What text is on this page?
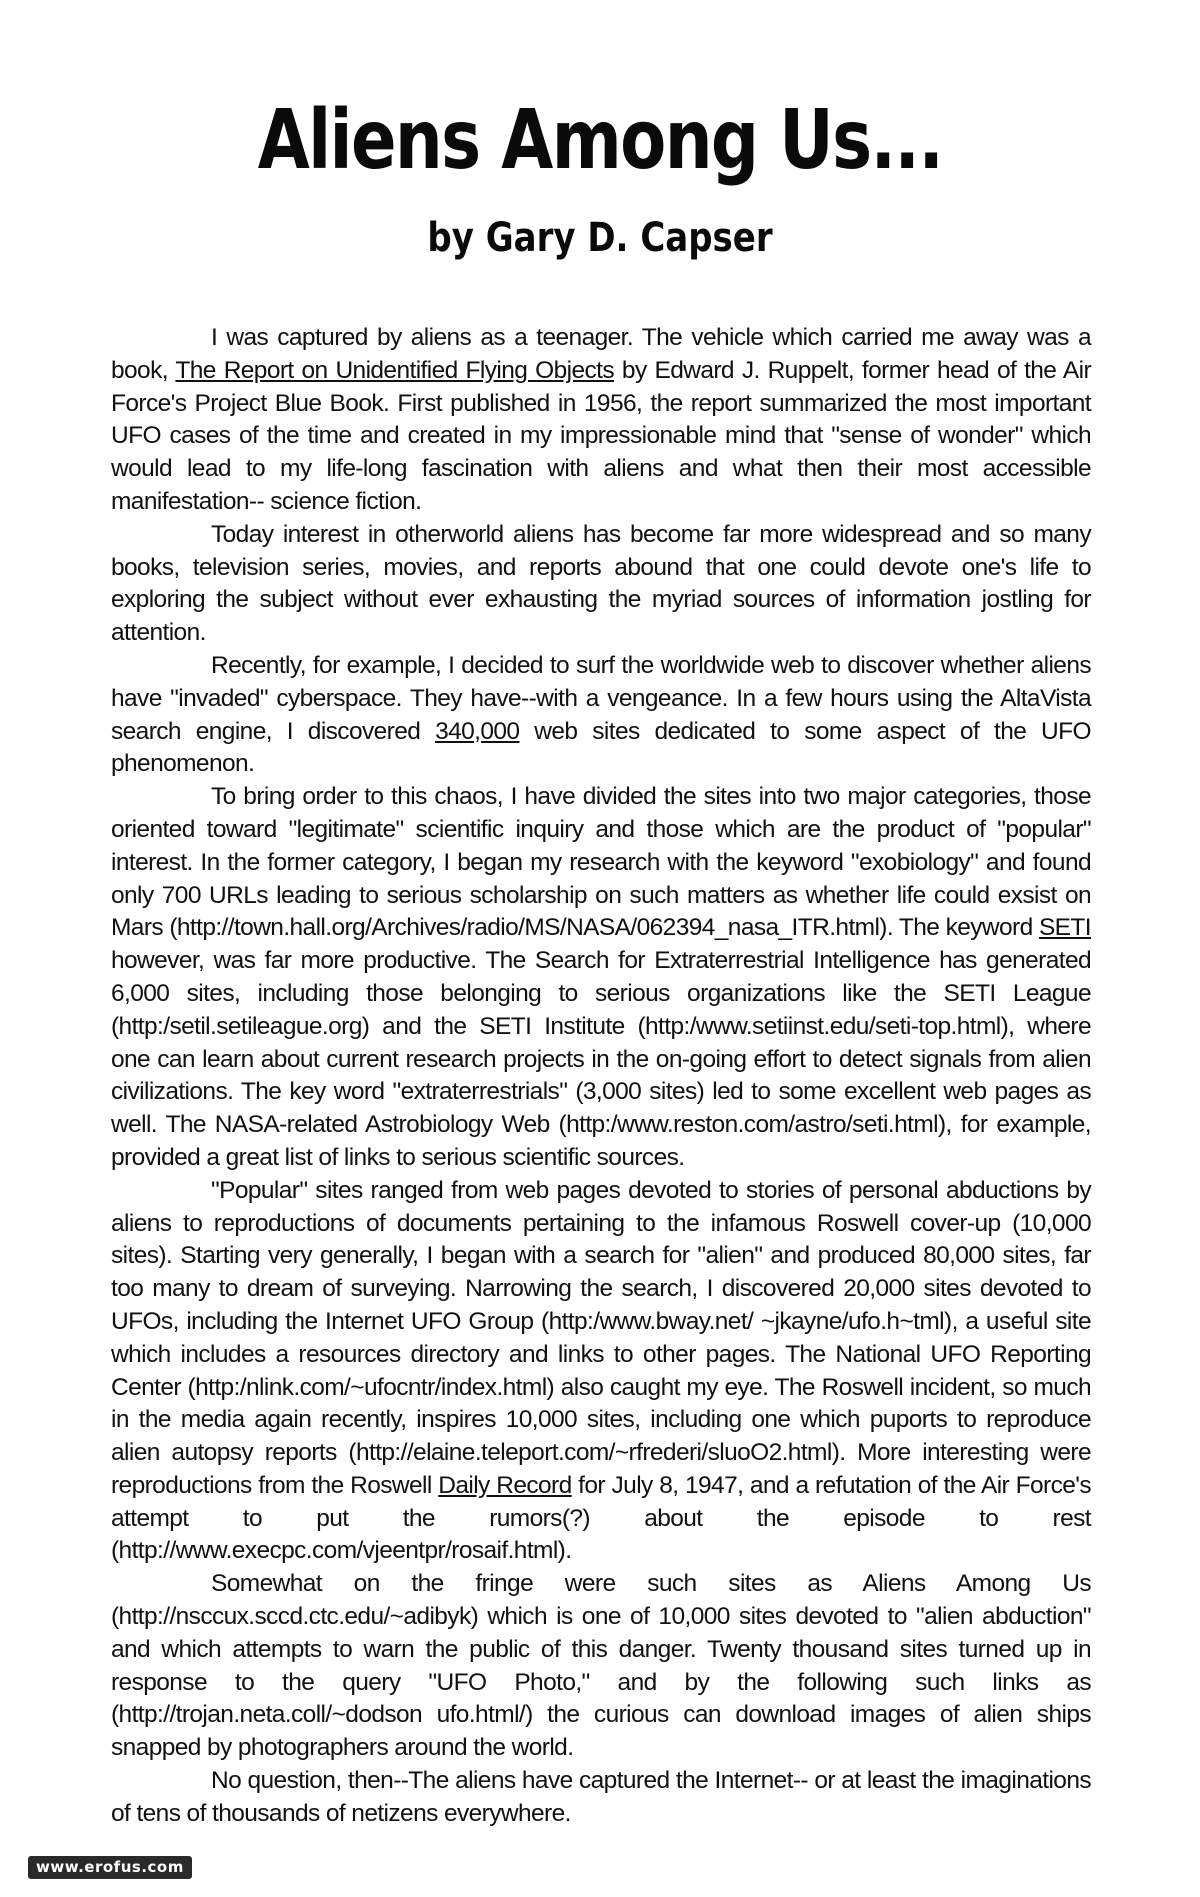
Aliens Among Us...
by Gary D. Capser

I was captured by aliens as a teenager. The vehicle which carried me away was a book, The Report on Unidentified Flying Objects by Edward J. Ruppelt, former head of the Air Force's Project Blue Book. First published in 1956, the report summarized the most important UFO cases of the time and created in my impressionable mind that "sense of wonder" which would lead to my life-long fascination with aliens and what then their most accessible manifestation-- science fiction.

Today interest in otherworld aliens has become far more widespread and so many books, television series, movies, and reports abound that one could devote one's life to exploring the subject without ever exhausting the myriad sources of information jostling for attention.

Recently, for example, I decided to surf the worldwide web to discover whether aliens have "invaded" cyberspace. They have--with a vengeance. In a few hours using the AltaVista search engine, I discovered 340,000 web sites dedicated to some aspect of the UFO phenomenon.

To bring order to this chaos, I have divided the sites into two major categories, those oriented toward "legitimate" scientific inquiry and those which are the product of "popular" interest. In the former category, I began my research with the keyword "exobiology" and found only 700 URLs leading to serious scholarship on such matters as whether life could exsist on Mars (http://town.hall.org/Archives/radio/MS/NASA/062394_nasa_ITR.html). The keyword SETI however, was far more productive. The Search for Extraterrestrial Intelligence has generated 6,000 sites, including those belonging to serious organizations like the SETI League (http:/setil.setileague.org) and the SETI Institute (http:/www.setiinst.edu/seti-top.html), where one can learn about current research projects in the on-going effort to detect signals from alien civilizations. The key word "extraterrestrials" (3,000 sites) led to some excellent web pages as well. The NASA-related Astrobiology Web (http:/www.reston.com/astro/seti.html), for example, provided a great list of links to serious scientific sources.

"Popular" sites ranged from web pages devoted to stories of personal abductions by aliens to reproductions of documents pertaining to the infamous Roswell cover-up (10,000 sites). Starting very generally, I began with a search for "alien" and produced 80,000 sites, far too many to dream of surveying. Narrowing the search, I discovered 20,000 sites devoted to UFOs, including the Internet UFO Group (http:/www.bway.net/ ~jkayne/ufo.h~tml), a useful site which includes a resources directory and links to other pages. The National UFO Reporting Center (http:/nlink.com/~ufocntr/index.html) also caught my eye. The Roswell incident, so much in the media again recently, inspires 10,000 sites, including one which puports to reproduce alien autopsy reports (http://elaine.teleport.com/~rfrederi/sluoO2.html). More interesting were reproductions from the Roswell Daily Record for July 8, 1947, and a refutation of the Air Force's attempt to put the rumors(?) about the episode to rest (http://www.execpc.com/vjeentpr/rosaif.html).

Somewhat on the fringe were such sites as Aliens Among Us (http://nsccux.sccd.ctc.edu/~adibyk) which is one of 10,000 sites devoted to "alien abduction" and which attempts to warn the public of this danger. Twenty thousand sites turned up in response to the query "UFO Photo," and by the following such links as (http://trojan.neta.coll/~dodson ufo.html/) the curious can download images of alien ships snapped by photographers around the world.

No question, then--The aliens have captured the Internet-- or at least the imaginations of tens of thousands of netizens everywhere.

www.erofus.com
